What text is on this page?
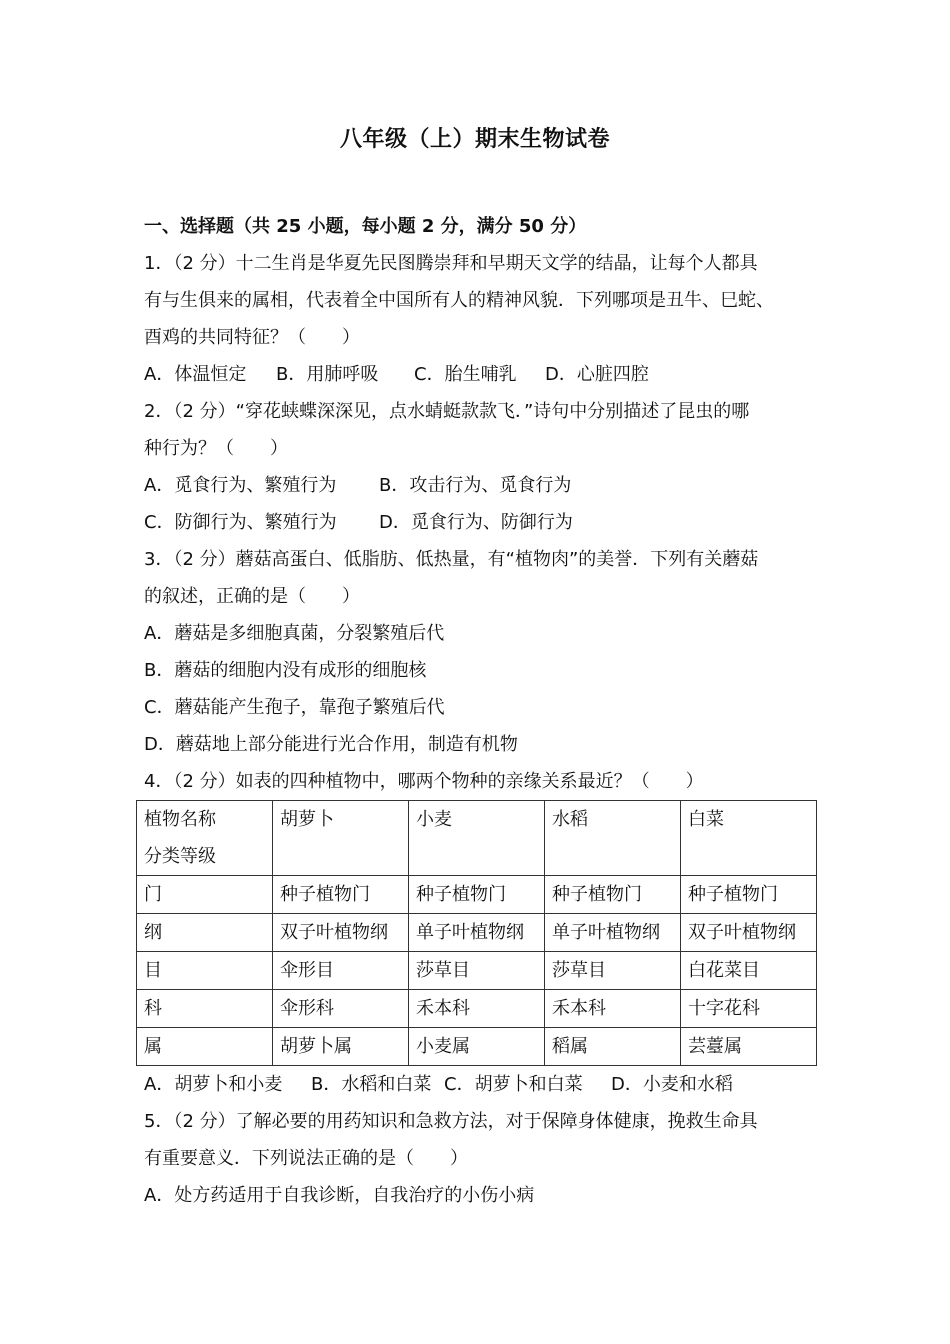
八年级（上）期末生物试卷
一、选择题（共 25 小题，每小题 2 分，满分 50 分）
1．（2 分）十二生肖是华夏先民图腾崇拜和早期天文学的结晶，让每个人都具
有与生俱来的属相，代表着全中国所有人的精神风貌．下列哪项是丑牛、巳蛇、
酉鸡的共同特征？（　　）
A．体温恒定 B．用肺呼吸 C．胎生哺乳 D．心脏四腔
2．（2 分）“穿花蛱蝶深深见，点水蜻蜓款款飞．”诗句中分别描述了昆虫的哪
种行为？（　　）
A．觅食行为、繁殖行为 B．攻击行为、觅食行为
C．防御行为、繁殖行为 D．觅食行为、防御行为
3．（2 分）蘑菇高蛋白、低脂肪、低热量，有“植物肉”的美誉．下列有关蘑菇
的叙述，正确的是（　　）
A．蘑菇是多细胞真菌，分裂繁殖后代
B．蘑菇的细胞内没有成形的细胞核
C．蘑菇能产生孢子，靠孢子繁殖后代
D．蘑菇地上部分能进行光合作用，制造有机物
4．（2 分）如表的四种植物中，哪两个物种的亲缘关系最近？（　　）
植物名称
分类等级	胡萝卜	小麦	水稻	白菜
门	种子植物门	种子植物门	种子植物门	种子植物门
纲	双子叶植物纲	单子叶植物纲	单子叶植物纲	双子叶植物纲
目	伞形目	莎草目	莎草目	白花菜目
科	伞形科	禾本科	禾本科	十字花科
属	胡萝卜属	小麦属	稻属	芸薹属
A．胡萝卜和小麦 B．水稻和白菜 C．胡萝卜和白菜 D．小麦和水稻
5．（2 分）了解必要的用药知识和急救方法，对于保障身体健康，挽救生命具
有重要意义．下列说法正确的是（　　）
A．处方药适用于自我诊断，自我治疗的小伤小病
